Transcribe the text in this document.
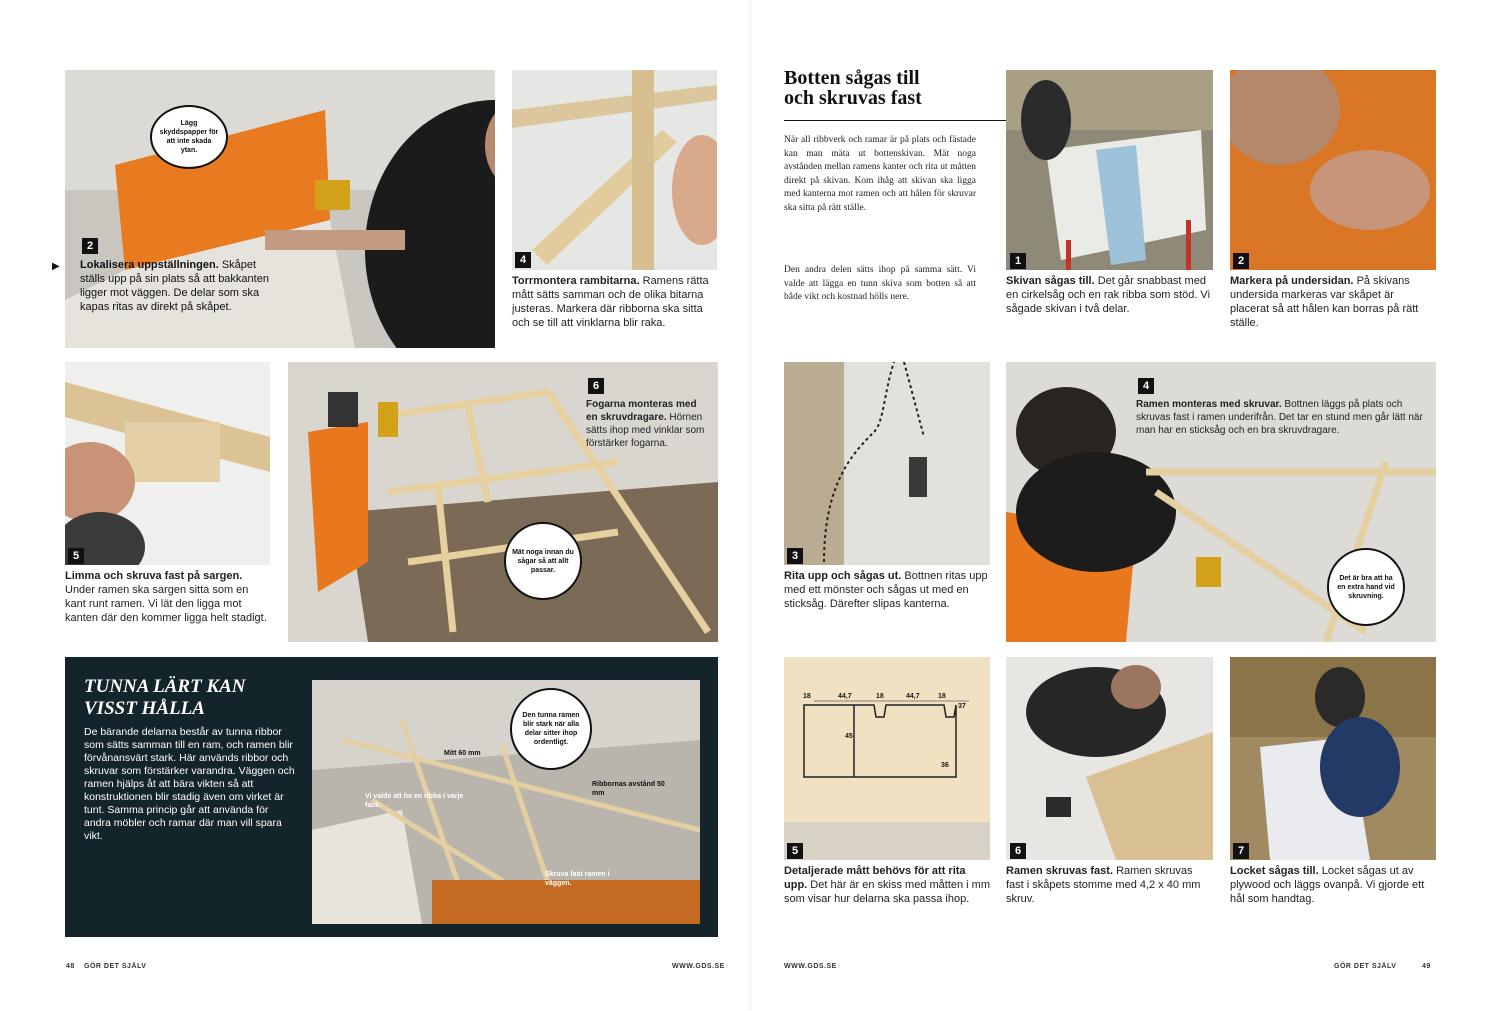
Lägg skyddspapper för att inte skada ytan.
2
▶ Lokalisera uppställningen. Skåpet ställs upp på sin plats så att bakkanten ligger mot väggen. De delar som ska kapas ritas av direkt på skåpet.
4
Torrmontera rambitarna. Ramens rätta mått sätts samman och de olika bitarna justeras. Markera där ribborna ska sitta och se till att vinklarna blir raka.
5
Limma och skruva fast på sargen. Under ramen ska sargen sitta som en kant runt ramen. Vi lät den ligga mot kanten där den kommer ligga helt stadigt.
6
Fogarna monteras med en skruvdragare. Hörnen sätts ihop med vinklar som förstärker fogarna.
Mät noga innan du sågar så att allt passar.
TUNNA LÄRT KAN VISST HÅLLA
De bärande delarna består av tunna ribbor som sätts samman till en ram, och ramen blir förvånansvärt stark. Här används ribbor och skruvar som förstärker varandra. Väggen och ramen hjälps åt att bära vikten så att konstruktionen blir stadig även om virket är tunt. Samma princip går att använda för andra möbler och ramar där man vill spara vikt.
Den tunna ramen blir stark när alla delar sitter ihop ordentligt.
Mitt 60 mm
Ribbornas avstånd 50 mm
Vi valde att ha en ribba i varje fack.
Skruva fast ramen i väggen.
48 GÖR DET SJÄLV	WWW.GDS.SE
Botten sågas till
och skruvas fast
När all ribbverk och ramar är på plats och fästade kan man mäta ut bottenskivan. Mät noga avstånden mellan ramens kanter och rita ut måtten direkt på skivan. Kom ihåg att skivan ska ligga med kanterna mot ramen och att hålen för skruvar ska sitta på rätt ställe.
Den andra delen sätts ihop på samma sätt. Vi valde att lägga en tunn skiva som botten så att både vikt och kostnad hölls nere.
1
Skivan sågas till. Det går snabbast med en cirkelsåg och en rak ribba som stöd. Vi sågade skivan i två delar.
2
Markera på undersidan. På skivans undersida markeras var skåpet är placerat så att hålen kan borras på rätt ställe.
3
Rita upp och sågas ut. Bottnen ritas upp med ett mönster och sågas ut med en sticksåg. Därefter slipas kanterna.
4
Ramen monteras med skruvar. Bottnen läggs på plats och skruvas fast i ramen underifrån. Det tar en stund men går lätt när man har en sticksåg och en bra skruvdragare.
Det är bra att ha en extra hand vid skruvning.
18	44,7	18	44,7	18
37
45
36
5
Detaljerade mått behövs för att rita upp. Det här är en skiss med måtten i mm som visar hur delarna ska passa ihop.
6
Ramen skruvas fast. Ramen skruvas fast i skåpets stomme med 4,2 x 40 mm skruv.
7
Locket sågas till. Locket sågas ut av plywood och läggs ovanpå. Vi gjorde ett hål som handtag.
WWW.GDS.SE	GÖR DET SJÄLV	49
